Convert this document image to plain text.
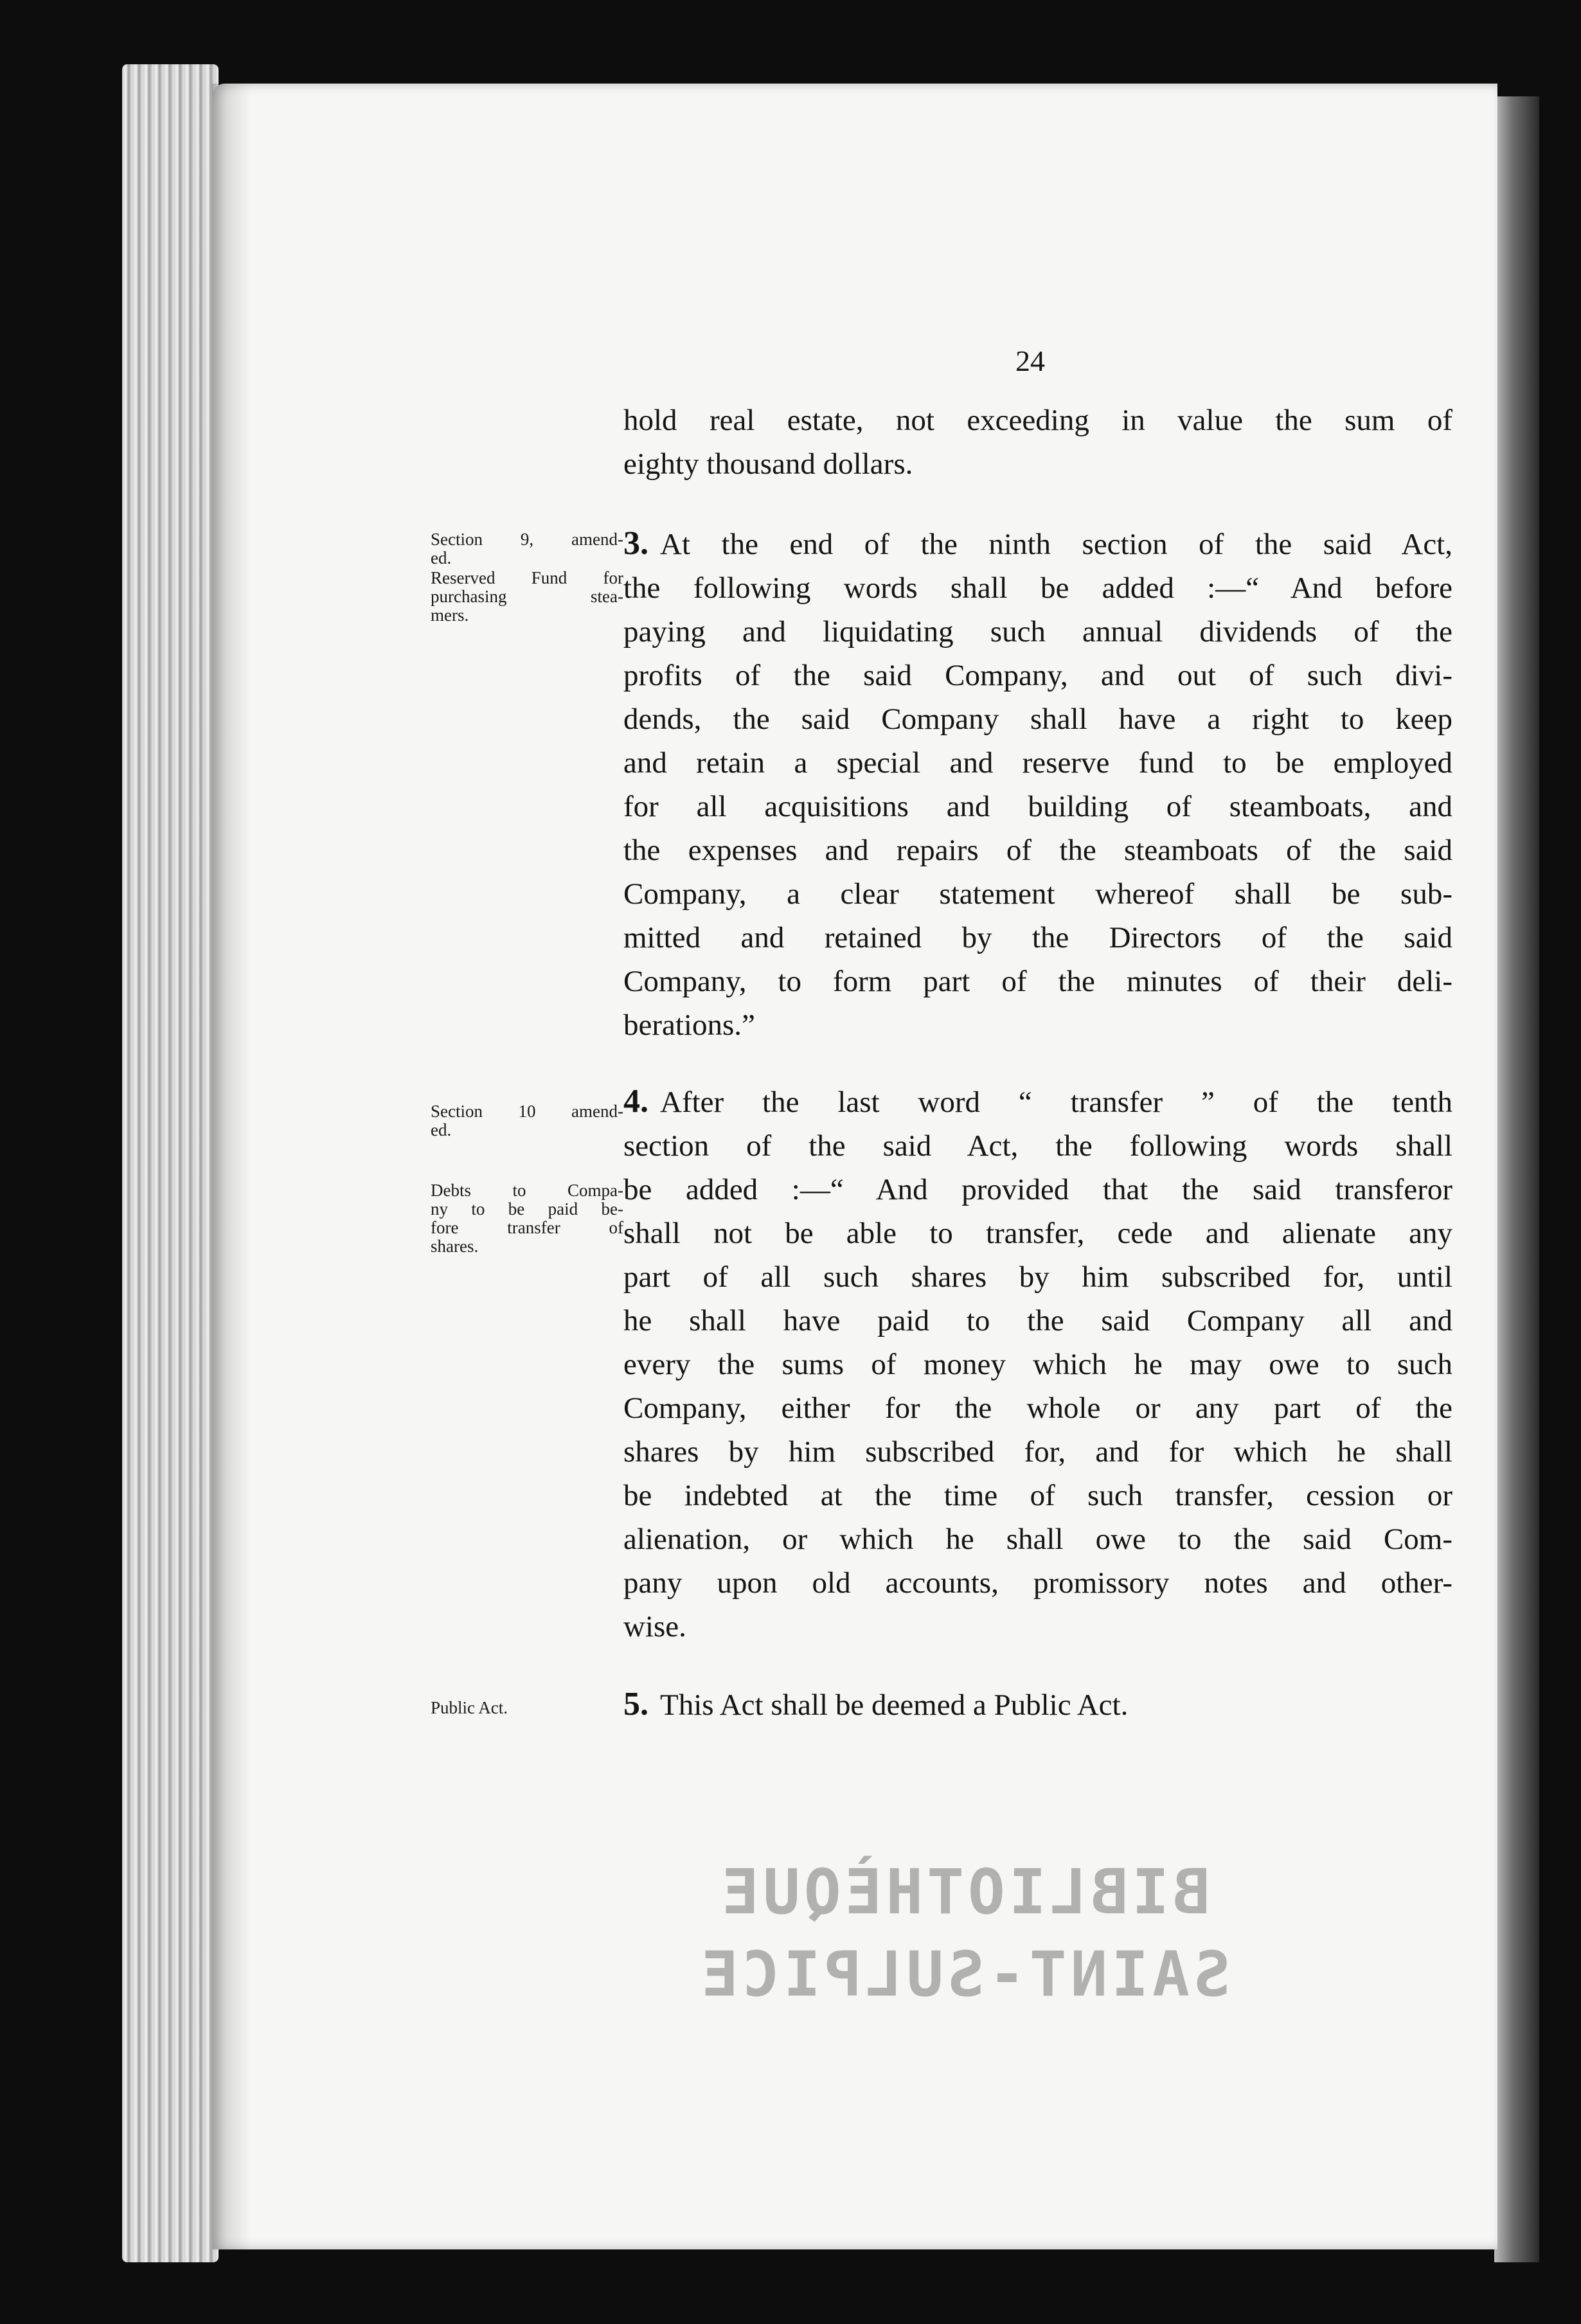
24
hold real estate, not exceeding in value the sum of
eighty thousand dollars.
Section 9, amend-
ed.
Reserved Fund for
purchasing stea-
mers.
3. At the end of the ninth section of the said Act,
the following words shall be added :—“ And before
paying and liquidating such annual dividends of the
profits of the said Company, and out of such divi-
dends, the said Company shall have a right to keep
and retain a special and reserve fund to be employed
for all acquisitions and building of steamboats, and
the expenses and repairs of the steamboats of the said
Company, a clear statement whereof shall be sub-
mitted and retained by the Directors of the said
Company, to form part of the minutes of their deli-
berations.”
Section 10 amend-
ed.
Debts to Compa-
ny to be paid be-
fore transfer of
shares.
4. After the last word “ transfer ” of the tenth
section of the said Act, the following words shall
be added :—“ And provided that the said transferor
shall not be able to transfer, cede and alienate any
part of all such shares by him subscribed for, until
he shall have paid to the said Company all and
every the sums of money which he may owe to such
Company, either for the whole or any part of the
shares by him subscribed for, and for which he shall
be indebted at the time of such transfer, cession or
alienation, or which he shall owe to the said Com-
pany upon old accounts, promissory notes and other-
wise.
Public Act.	5. This Act shall be deemed a Public Act.
BIBLIOTHÈQUE
SAINT-SULPICE
